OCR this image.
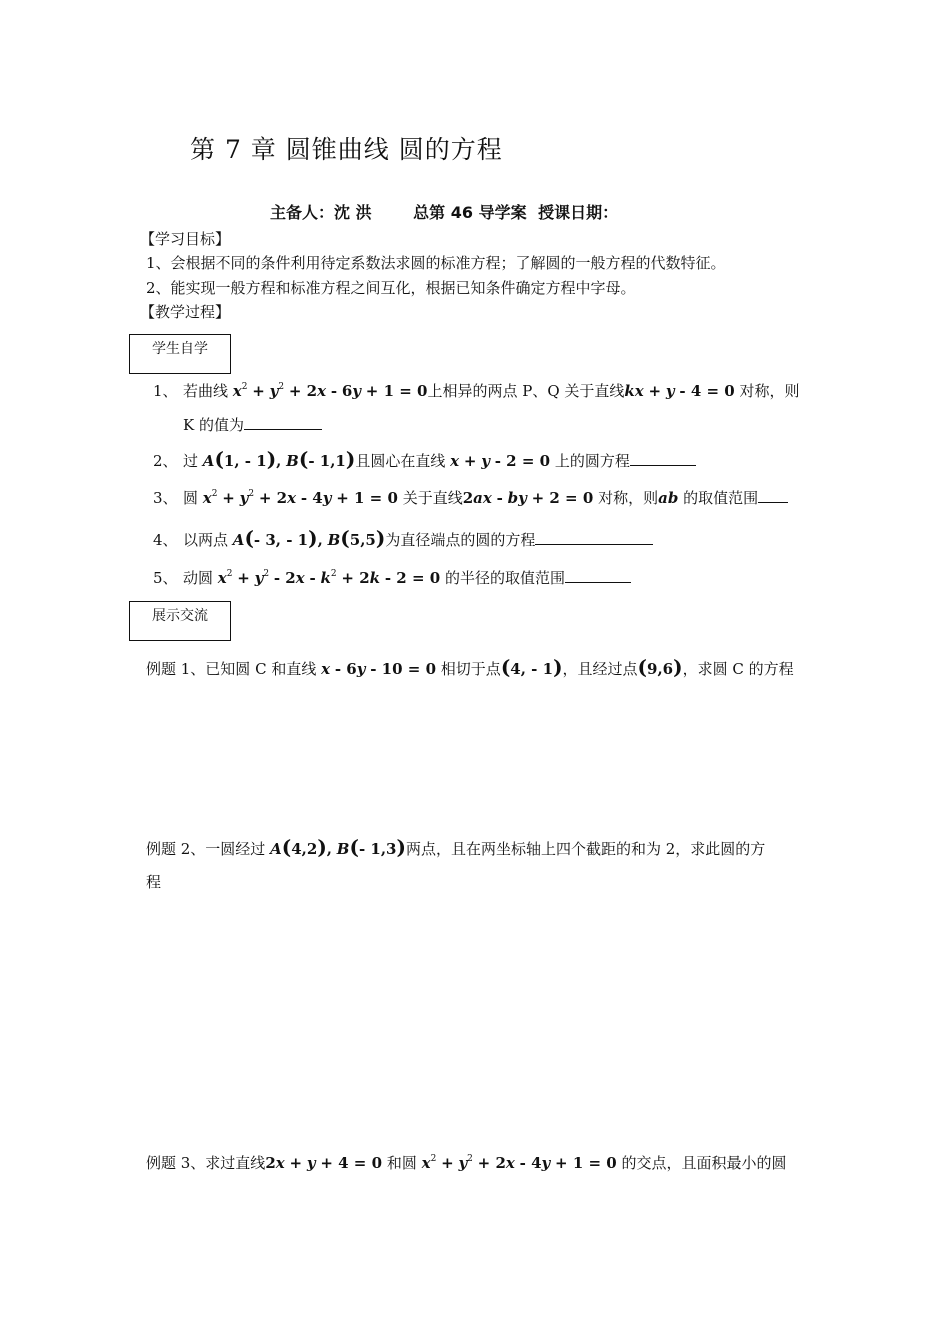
第 7 章 圆锥曲线 圆的方程
主备人：沈 洪	总第 46 导学案 授课日期：
【学习目标】
1、会根据不同的条件利用待定系数法求圆的标准方程；了解圆的一般方程的代数特征。
2、能实现一般方程和标准方程之间互化，根据已知条件确定方程中字母。
【教学过程】
学生自学
1、 若曲线 $x^2 + y^2 + 2x - 6y + 1 = 0$上相异的两点 P、Q 关于直线kx + y - 4 = 0 对称，则
K 的值为
2、 过 A(1, - 1), B(- 1,1)且圆心在直线 x + y - 2 = 0 上的圆方程
3、 圆 $x^2 + y^2 + 2x - 4y + 1 = 0$ 关于直线2ax - by + 2 = 0 对称，则ab 的取值范围
4、 以两点 A(- 3, - 1), B(5,5)为直径端点的圆的方程
5、 动圆 $x^2 + y^2 - 2x - k^2 + 2k - 2 = 0$ 的半径的取值范围
展示交流
例题 1、已知圆 C 和直线 x - 6y - 10 = 0 相切于点(4, - 1)，且经过点(9,6)，求圆 C 的方程
例题 2、一圆经过 A(4,2), B(- 1,3)两点，且在两坐标轴上四个截距的和为 2，求此圆的方
程
例题 3、求过直线2x + y + 4 = 0 和圆 $x^2 + y^2 + 2x - 4y + 1 = 0$ 的交点，且面积最小的圆
